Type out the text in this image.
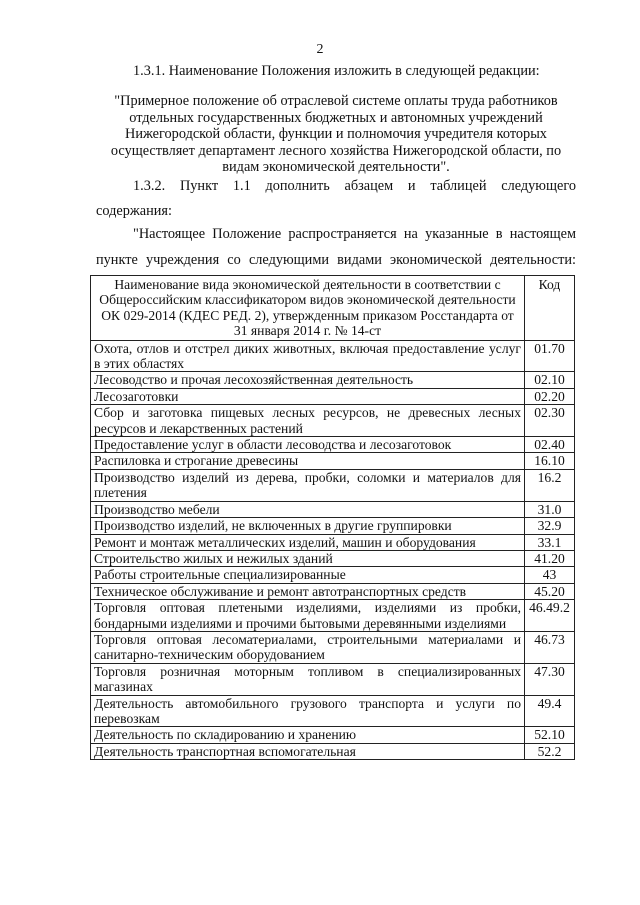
2
1.3.1. Наименование Положения изложить в следующей редакции:
"Примерное положение об отраслевой системе оплаты труда работников
отдельных государственных бюджетных и автономных учреждений
Нижегородской области, функции и полномочия учредителя которых
осуществляет департамент лесного хозяйства Нижегородской области, по
видам экономической деятельности".
1.3.2. Пункт 1.1 дополнить абзацем и таблицей следующего
содержания:
"Настоящее Положение распространяется на указанные в настоящем
пункте учреждения со следующими видами экономической деятельности:
Наименование вида экономической деятельности в соответствии с Общероссийским классификатором видов экономической деятельности ОК 029-2014 (КДЕС РЕД. 2), утвержденным приказом Росстандарта от 31 января 2014 г. № 14-ст	Код
Охота, отлов и отстрел диких животных, включая предоставление услуг в этих областях	01.70
Лесоводство и прочая лесохозяйственная деятельность	02.10
Лесозаготовки	02.20
Сбор и заготовка пищевых лесных ресурсов, не древесных лесных ресурсов и лекарственных растений	02.30
Предоставление услуг в области лесоводства и лесозаготовок	02.40
Распиловка и строгание древесины	16.10
Производство изделий из дерева, пробки, соломки и материалов для плетения	16.2
Производство мебели	31.0
Производство изделий, не включенных в другие группировки	32.9
Ремонт и монтаж металлических изделий, машин и оборудования	33.1
Строительство жилых и нежилых зданий	41.20
Работы строительные специализированные	43
Техническое обслуживание и ремонт автотранспортных средств	45.20
Торговля оптовая плетеными изделиями, изделиями из пробки, бондарными изделиями и прочими бытовыми деревянными изделиями	46.49.2
Торговля оптовая лесоматериалами, строительными материалами и санитарно-техническим оборудованием	46.73
Торговля розничная моторным топливом в специализированных магазинах	47.30
Деятельность автомобильного грузового транспорта и услуги по перевозкам	49.4
Деятельность по складированию и хранению	52.10
Деятельность транспортная вспомогательная	52.2
